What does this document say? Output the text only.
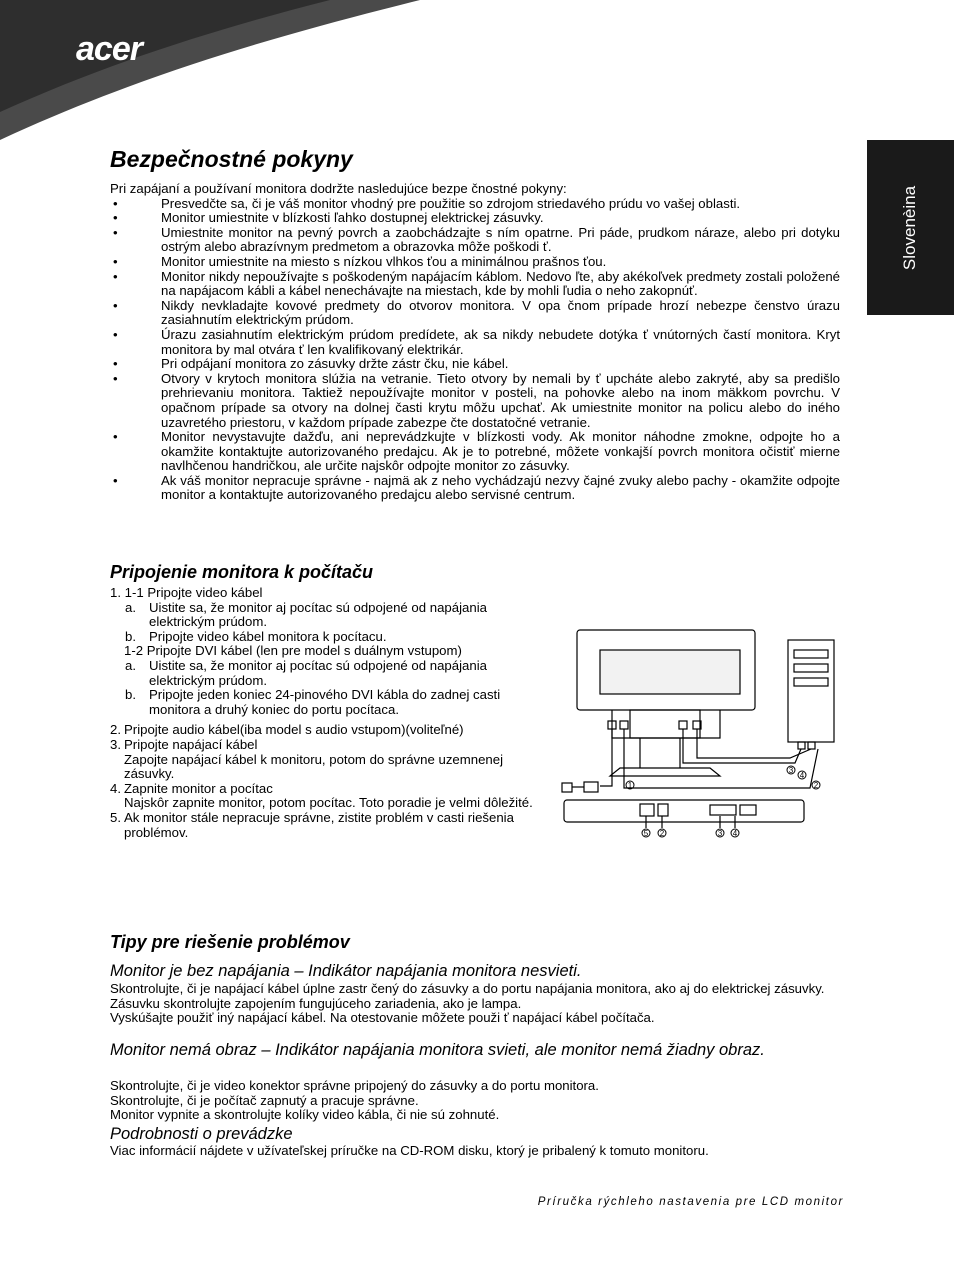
acer
Slovenèina
Bezpečnostné pokyny
Pri zapájaní a používaní monitora dodržte nasledujúce bezpe čnostné pokyny:
• Presvedčte sa, či je váš monitor vhodný pre použitie so zdrojom striedavého prúdu vo vašej oblasti.
• Monitor umiestnite v blízkosti ľahko dostupnej elektrickej zásuvky.
• Umiestnite monitor na pevný povrch a zaobchádzajte s ním opatrne. Pri páde, prudkom náraze, alebo pri dotyku ostrým alebo abrazívnym predmetom a obrazovka môže poškodi ť.
• Monitor umiestnite na miesto s nízkou vlhkos ťou a minimálnou prašnos ťou.
• Monitor nikdy nepoužívajte s poškodeným napájacím káblom. Nedovo ľte, aby akékoľvek predmety zostali položené na napájacom kábli a kábel nenechávajte na miestach, kde by mohli ľudia o neho zakopnúť.
• Nikdy nevkladajte kovové predmety do otvorov monitora. V opa čnom prípade hrozí nebezpe čenstvo úrazu zasiahnutím elektrickým prúdom.
• Úrazu zasiahnutím elektrickým prúdom predídete, ak sa nikdy nebudete dotýka ť vnútorných častí monitora. Kryt monitora by mal otvára ť len kvalifikovaný elektrikár.
• Pri odpájaní monitora zo zásuvky držte zástr čku, nie kábel.
• Otvory v krytoch monitora slúžia na vetranie. Tieto otvory by nemali by ť upcháte alebo zakryté, aby sa predišlo prehrievaniu monitora. Taktiež nepoužívajte monitor v posteli, na pohovke alebo na inom mäkkom povrchu. V opačnom prípade sa otvory na dolnej časti krytu môžu upchať. Ak umiestnite monitor na policu alebo do iného uzavretého priestoru, v každom prípade zabezpe čte dostatočné vetranie.
• Monitor nevystavujte dažďu, ani neprevádzkujte v blízkosti vody. Ak monitor náhodne zmokne, odpojte ho a okamžite kontaktujte autorizovaného predajcu. Ak je to potrebné, môžete vonkajší povrch monitora očistiť mierne navlhčenou handričkou, ale určite najskôr odpojte monitor zo zásuvky.
• Ak váš monitor nepracuje správne - najmä ak z neho vychádzajú nezvy čajné zvuky alebo pachy - okamžite odpojte monitor a kontaktujte autorizovaného predajcu alebo servisné centrum.
Pripojenie monitora k počítaču
1. 1-1 Pripojte video kábel
a. Uistite sa, že monitor aj pocítac sú odpojené od napájania elektrickým prúdom.
b. Pripojte video kábel monitora k pocítacu.
1-2 Pripojte DVI kábel (len pre model s duálnym vstupom)
a. Uistite sa, že monitor aj pocítac sú odpojené od napájania elektrickým prúdom.
b. Pripojte jeden koniec 24-pinového DVI kábla do zadnej casti monitora a druhý koniec do portu pocítaca.
2. Pripojte audio kábel(iba model s audio vstupom)(voliteľné)
3. Pripojte napájací kábel
Zapojte napájací kábel k monitoru, potom do správne uzemnenej zásuvky.
4. Zapnite monitor a pocítac
Najskôr zapnite monitor, potom pocítac. Toto poradie je velmi dôležité.
5. Ak monitor stále nepracuje správne, zistite problém v casti riešenia problémov.
1	2
3
4
5 2	3 4
Tipy pre riešenie problémov
Monitor je bez napájania – Indikátor napájania monitora nesvieti.
Skontrolujte, či je napájací kábel úplne zastr čený do zásuvky a do portu napájania monitora, ako aj do elektrickej zásuvky.
Zásuvku skontrolujte zapojením fungujúceho zariadenia, ako je lampa.
Vyskúšajte použiť iný napájací kábel. Na otestovanie môžete použi ť napájací kábel počítača.
Monitor nemá obraz – Indikátor napájania monitora svieti, ale monitor nemá žiadny obraz.
Skontrolujte, či je video konektor správne pripojený do zásuvky a do portu monitora.
Skontrolujte, či je počítač zapnutý a pracuje správne.
Monitor vypnite a skontrolujte kolíky video kábla, či nie sú zohnuté.
Podrobnosti o prevádzke
Viac informácií nájdete v užívateľskej príručke na CD-ROM disku, ktorý je pribalený k tomuto monitoru.
Príručka rýchleho nastavenia pre LCD monitor
